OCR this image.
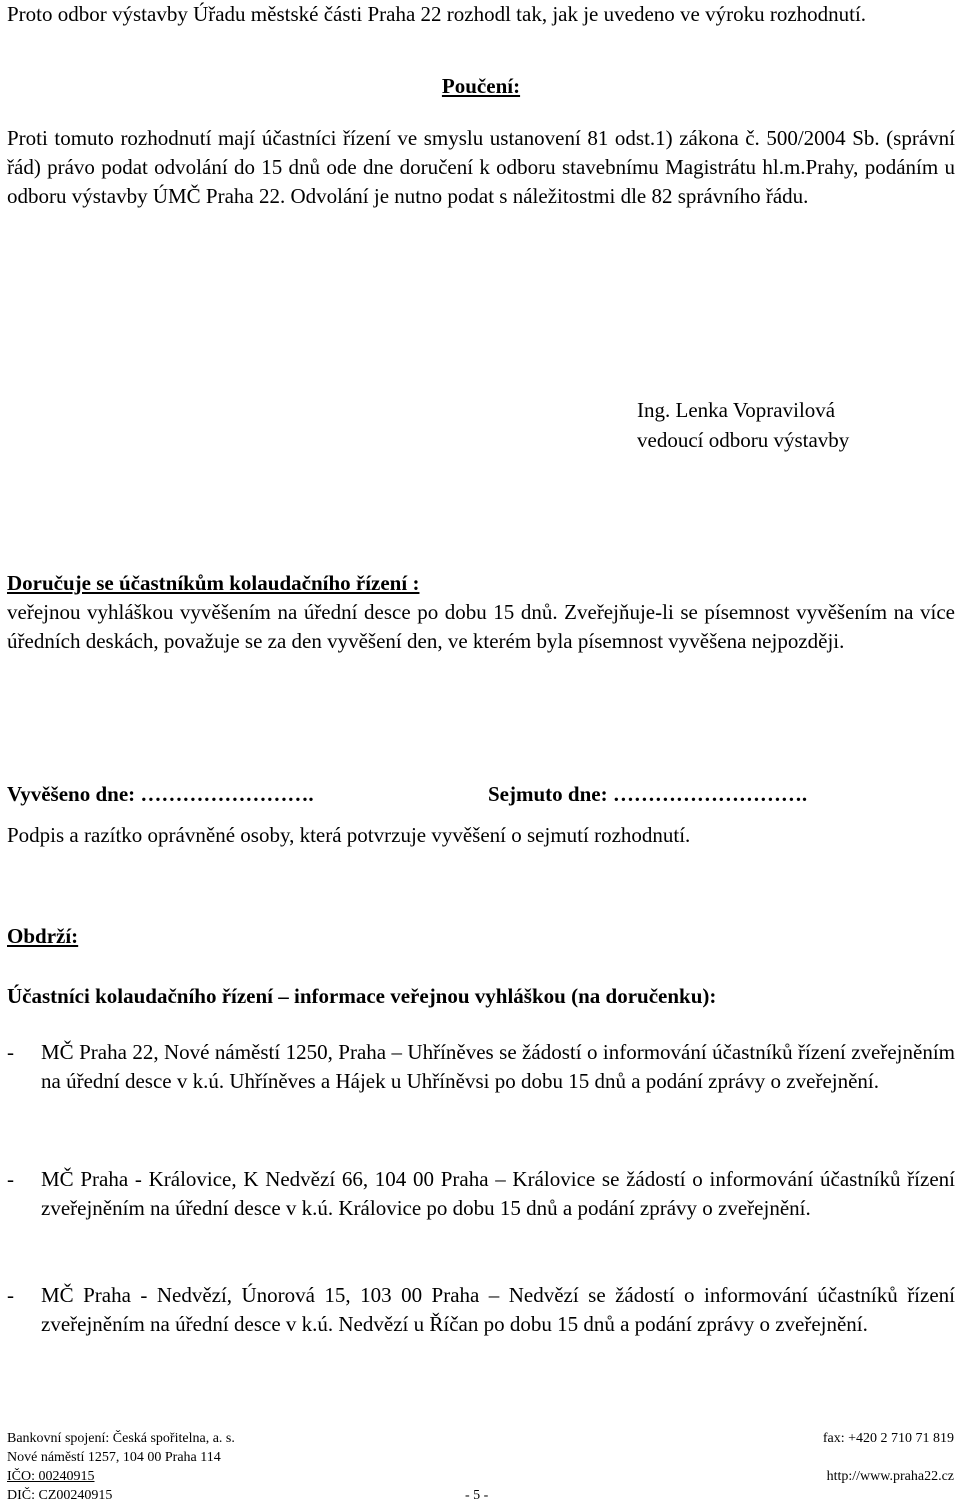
Proto odbor výstavby Úřadu městské části Praha 22 rozhodl tak, jak je uvedeno ve výroku rozhodnutí.
Poučení:
Proti tomuto rozhodnutí mají účastníci řízení ve smyslu ustanovení 81 odst.1) zákona č. 500/2004 Sb. (správní řád) právo podat odvolání do 15 dnů ode dne doručení k odboru stavebnímu Magistrátu hl.m.Prahy, podáním u odboru výstavby ÚMČ Praha 22. Odvolání je nutno podat s náležitostmi dle 82 správního řádu.
Ing. Lenka Vopravilová
vedoucí odboru výstavby
Doručuje se účastníkům kolaudačního řízení :
veřejnou vyhláškou vyvěšením na úřední desce po dobu 15 dnů. Zveřejňuje-li se písemnost vyvěšením na více úředních deskách, považuje se za den vyvěšení den, ve kterém byla písemnost vyvěšena nejpozději.
Vyvěšeno dne: …………………….	Sejmuto dne: ……………………….
Podpis a razítko oprávněné osoby, která potvrzuje vyvěšení o sejmutí rozhodnutí.
Obdrží:
Účastníci kolaudačního řízení – informace veřejnou vyhláškou (na doručenku):
-	MČ Praha 22, Nové náměstí 1250, Praha – Uhříněves se žádostí o informování účastníků řízení zveřejněním na úřední desce v k.ú. Uhříněves a Hájek u Uhříněvsi po dobu 15 dnů a podání zprávy o zveřejnění.
-	MČ Praha - Královice, K Nedvězí 66, 104 00 Praha – Královice se žádostí o informování účastníků řízení zveřejněním na úřední desce v k.ú. Královice po dobu 15 dnů a podání zprávy o zveřejnění.
-	MČ Praha - Nedvězí, Únorová 15, 103 00 Praha – Nedvězí se žádostí o informování účastníků řízení zveřejněním na úřední desce v k.ú. Nedvězí u Říčan po dobu 15 dnů a podání zprávy o zveřejnění.
Bankovní spojení: Česká spořitelna, a. s.
Nové náměstí 1257, 104 00 Praha 114
IČO: 00240915
DIČ: CZ00240915	- 5 -
fax: +420 2 710 71 819
http://www.praha22.cz
